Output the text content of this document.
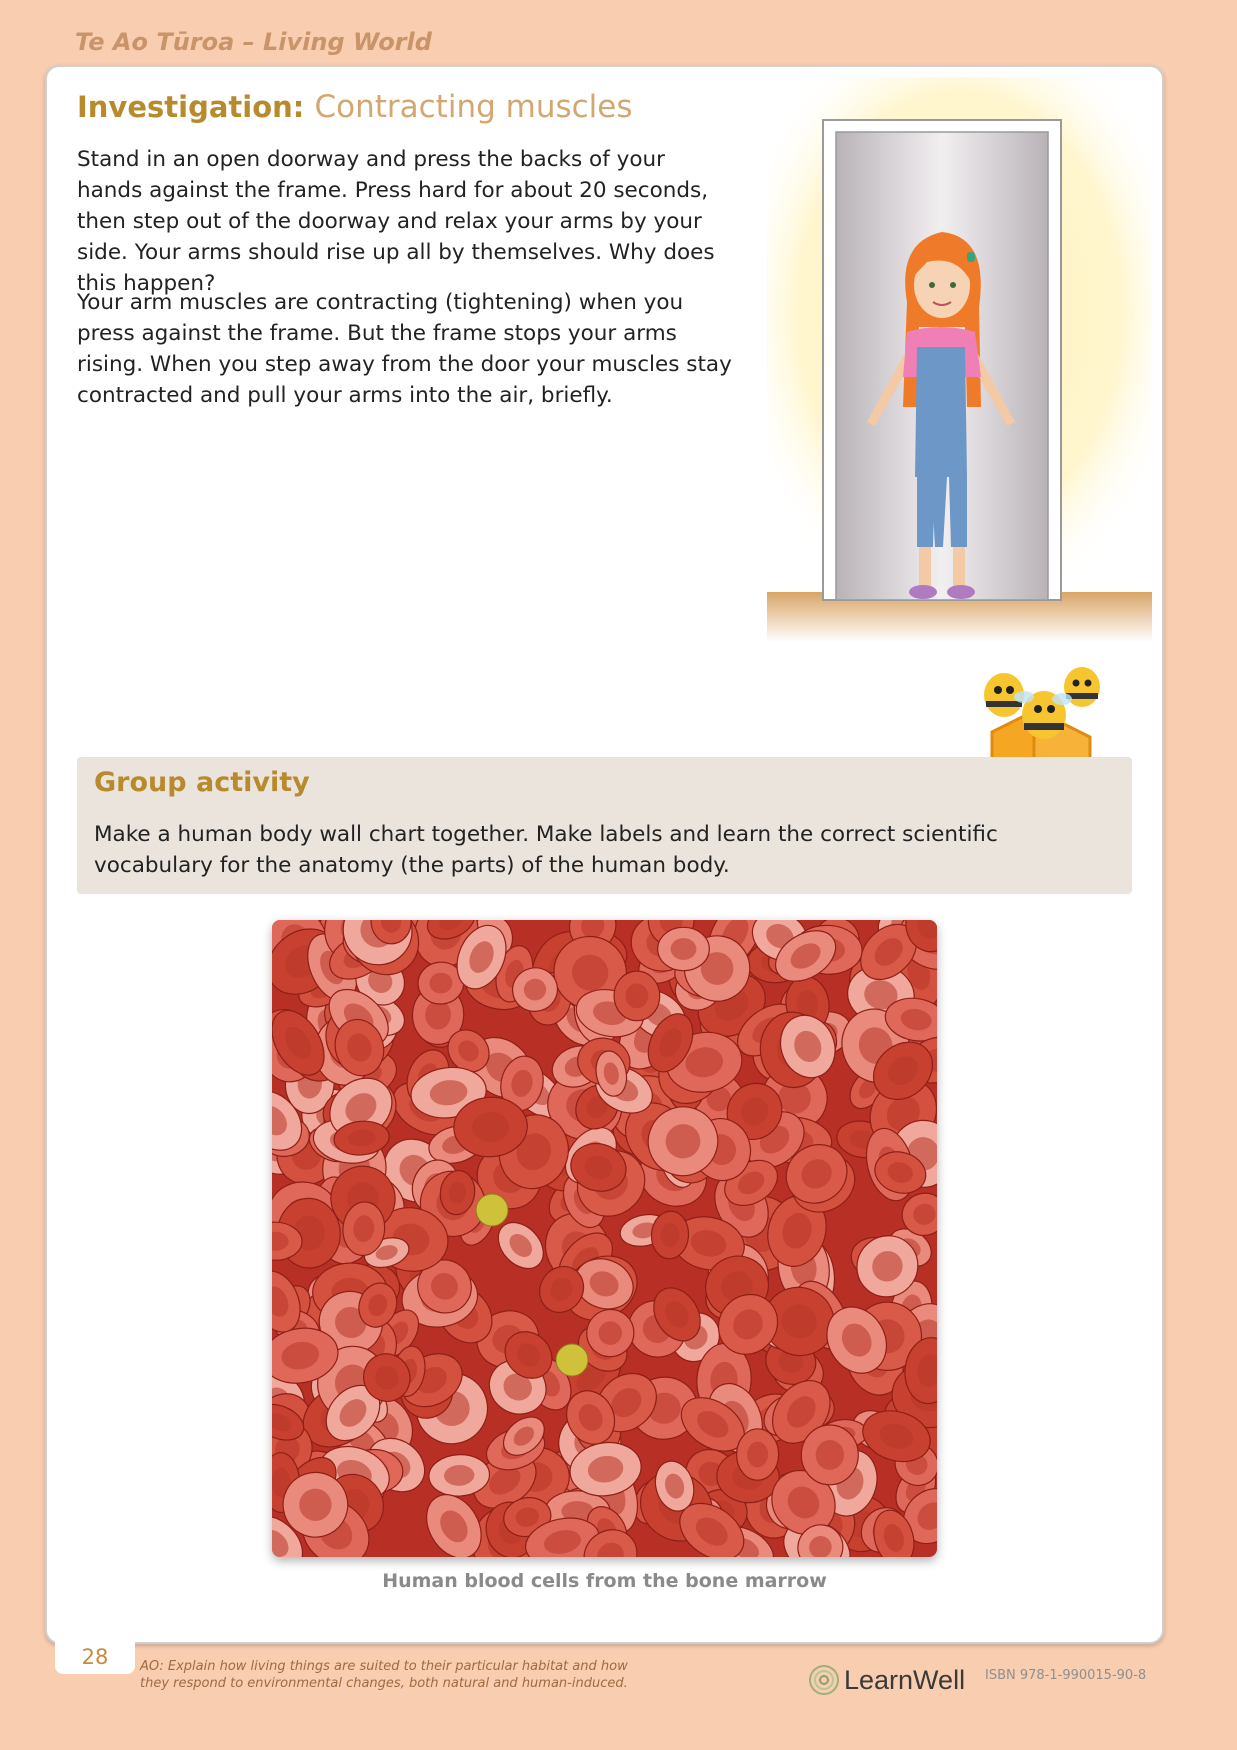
Te Ao Tūroa – Living World
Investigation: Contracting muscles
Stand in an open doorway and press the backs of your hands against the frame. Press hard for about 20 seconds, then step out of the doorway and relax your arms by your side. Your arms should rise up all by themselves. Why does this happen?
Your arm muscles are contracting (tightening) when you press against the frame. But the frame stops your arms rising. When you step away from the door your muscles stay contracted and pull your arms into the air, briefly.
Group activity
Make a human body wall chart together. Make labels and learn the correct scientific vocabulary for the anatomy (the parts) of the human body.
Human blood cells from the bone marrow
28	AO: Explain how living things are suited to their particular habitat and how they respond to environmental changes, both natural and human-induced.	LearnWell ISBN 978-1-990015-90-8
